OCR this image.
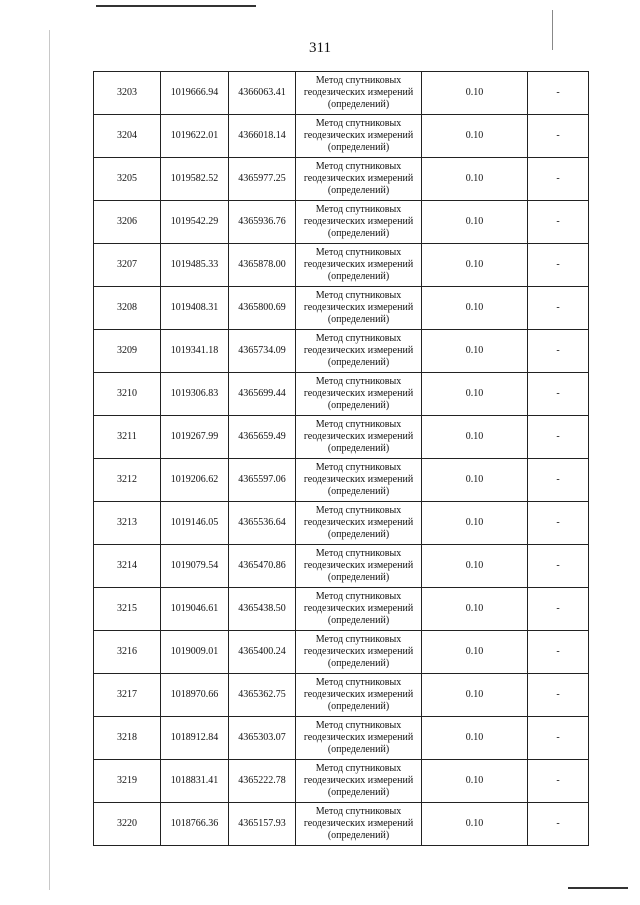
311
3203	1019666.94	4366063.41	Метод спутниковых
геодезических измерений
(определений)	0.10	-
3204	1019622.01	4366018.14	Метод спутниковых
геодезических измерений
(определений)	0.10	-
3205	1019582.52	4365977.25	Метод спутниковых
геодезических измерений
(определений)	0.10	-
3206	1019542.29	4365936.76	Метод спутниковых
геодезических измерений
(определений)	0.10	-
3207	1019485.33	4365878.00	Метод спутниковых
геодезических измерений
(определений)	0.10	-
3208	1019408.31	4365800.69	Метод спутниковых
геодезических измерений
(определений)	0.10	-
3209	1019341.18	4365734.09	Метод спутниковых
геодезических измерений
(определений)	0.10	-
3210	1019306.83	4365699.44	Метод спутниковых
геодезических измерений
(определений)	0.10	-
3211	1019267.99	4365659.49	Метод спутниковых
геодезических измерений
(определений)	0.10	-
3212	1019206.62	4365597.06	Метод спутниковых
геодезических измерений
(определений)	0.10	-
3213	1019146.05	4365536.64	Метод спутниковых
геодезических измерений
(определений)	0.10	-
3214	1019079.54	4365470.86	Метод спутниковых
геодезических измерений
(определений)	0.10	-
3215	1019046.61	4365438.50	Метод спутниковых
геодезических измерений
(определений)	0.10	-
3216	1019009.01	4365400.24	Метод спутниковых
геодезических измерений
(определений)	0.10	-
3217	1018970.66	4365362.75	Метод спутниковых
геодезических измерений
(определений)	0.10	-
3218	1018912.84	4365303.07	Метод спутниковых
геодезических измерений
(определений)	0.10	-
3219	1018831.41	4365222.78	Метод спутниковых
геодезических измерений
(определений)	0.10	-
3220	1018766.36	4365157.93	Метод спутниковых
геодезических измерений
(определений)	0.10	-
